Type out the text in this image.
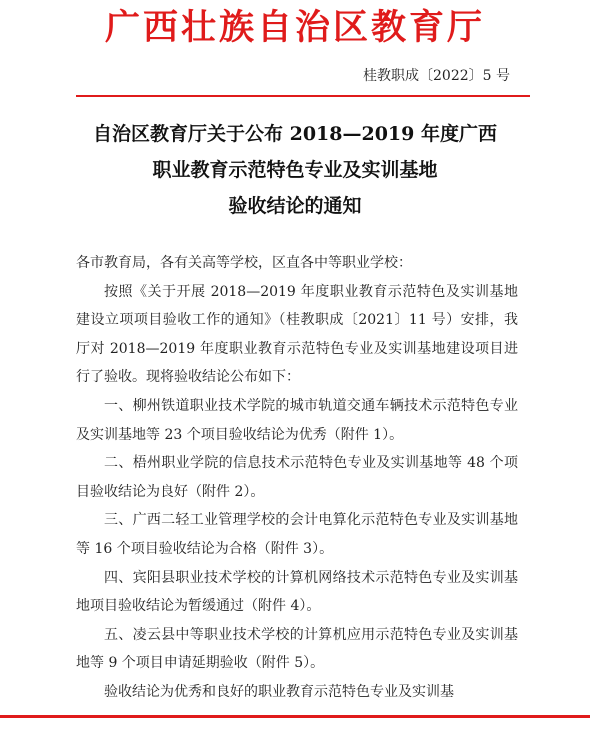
广西壮族自治区教育厅
桂教职成〔2022〕5 号
自治区教育厅关于公布 2018—2019 年度广西
职业教育示范特色专业及实训基地
验收结论的通知

各市教育局，各有关高等学校，区直各中等职业学校：

按照《关于开展 2018—2019 年度职业教育示范特色及实训基地建设立项项目验收工作的通知》（桂教职成〔2021〕11 号）安排，我厅对 2018—2019 年度职业教育示范特色专业及实训基地建设项目进行了验收。现将验收结论公布如下：

一、柳州铁道职业技术学院的城市轨道交通车辆技术示范特色专业及实训基地等 23 个项目验收结论为优秀（附件 1）。

二、梧州职业学院的信息技术示范特色专业及实训基地等 48 个项目验收结论为良好（附件 2）。

三、广西二轻工业管理学校的会计电算化示范特色专业及实训基地等 16 个项目验收结论为合格（附件 3）。

四、宾阳县职业技术学校的计算机网络技术示范特色专业及实训基地项目验收结论为暂缓通过（附件 4）。

五、凌云县中等职业技术学校的计算机应用示范特色专业及实训基地等 9 个项目申请延期验收（附件 5）。

验收结论为优秀和良好的职业教育示范特色专业及实训基
